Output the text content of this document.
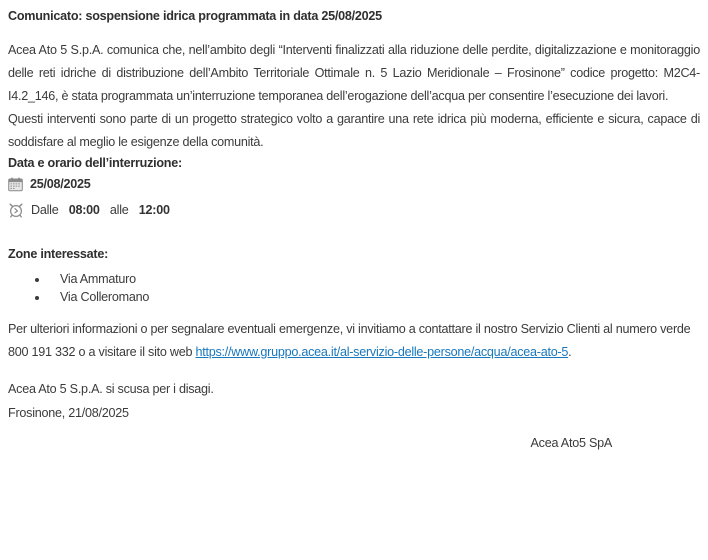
Comunicato: sospensione idrica programmata in data 25/08/2025

Acea Ato 5 S.p.A. comunica che, nell’ambito degli “Interventi finalizzati alla riduzione delle perdite, digitalizzazione e monitoraggio delle reti idriche di distribuzione dell’Ambito Territoriale Ottimale n. 5 Lazio Meridionale – Frosinone” codice progetto: M2C4-I4.2_146, è stata programmata un’interruzione temporanea dell’erogazione dell’acqua per consentire l’esecuzione dei lavori.

Questi interventi sono parte di un progetto strategico volto a garantire una rete idrica più moderna, efficiente e sicura, capace di soddisfare al meglio le esigenze della comunità.

Data e orario dell’interruzione:

25/08/2025
Dalle 08:00 alle 12:00

Zone interessate:

• Via Ammaturo
• Via Colleromano

Per ulteriori informazioni o per segnalare eventuali emergenze, vi invitiamo a contattare il nostro Servizio Clienti al numero verde 800 191 332 o a visitare il sito web https://www.gruppo.acea.it/al-servizio-delle-persone/acqua/acea-ato-5.

Acea Ato 5 S.p.A. si scusa per i disagi.

Frosinone, 21/08/2025

Acea Ato5 SpA
